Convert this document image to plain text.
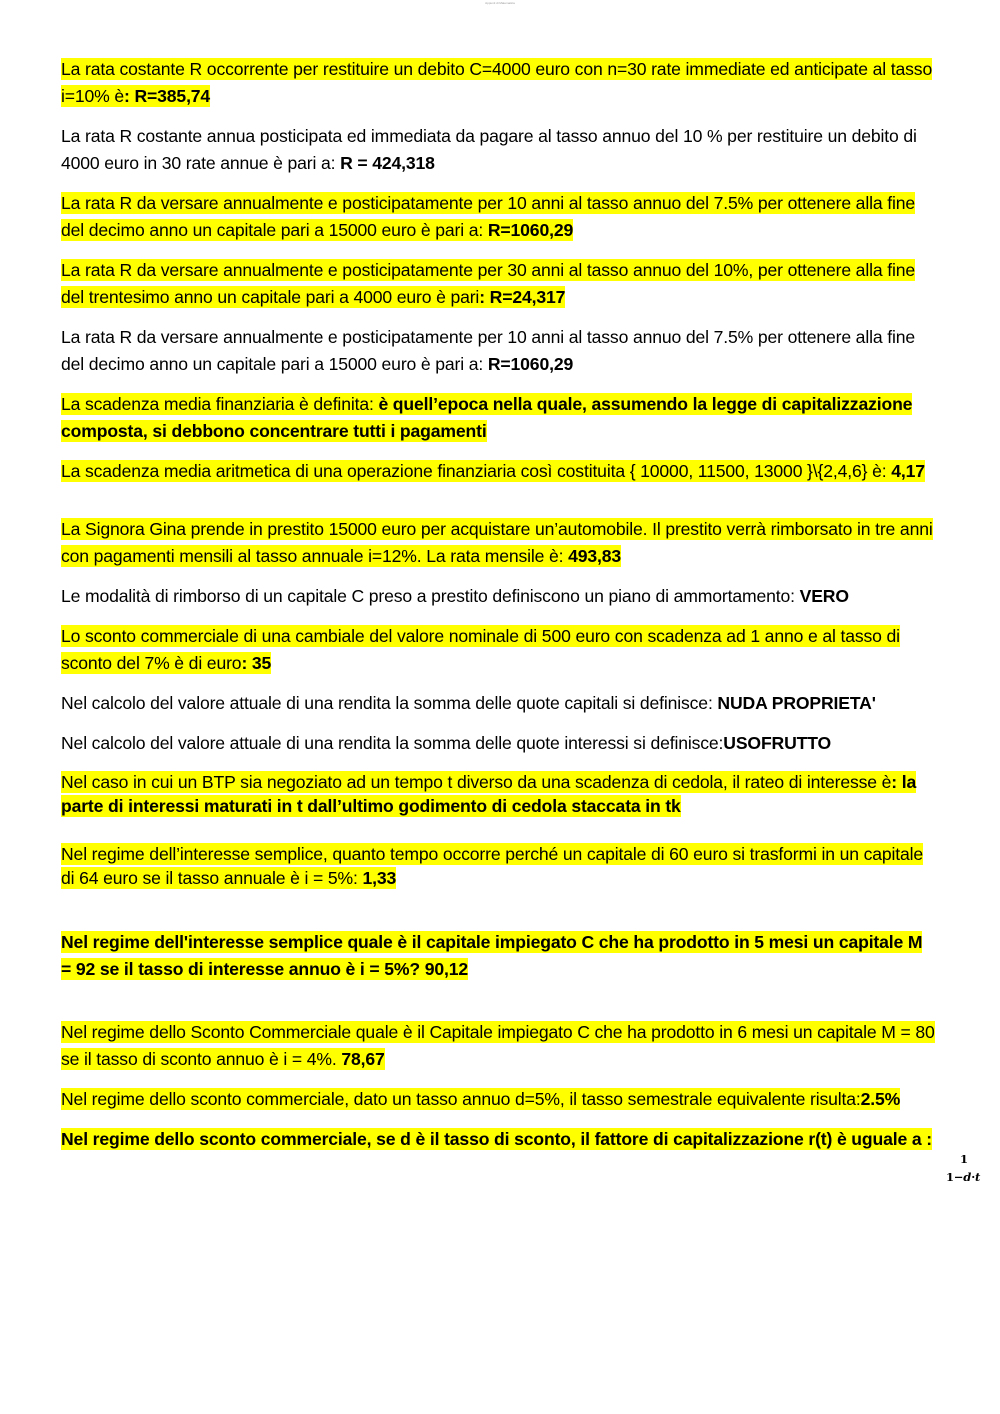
Appunti di Matematica

La rata costante R occorrente per restituire un debito C=4000 euro con n=30 rate immediate ed anticipate al tasso i=10% è: R=385,74

La rata R costante annua posticipata ed immediata da pagare al tasso annuo del 10 % per restituire un debito di 4000 euro in 30 rate annue è pari a: R = 424,318

La rata R da versare annualmente e posticipatamente per 10 anni al tasso annuo del 7.5% per ottenere alla fine del decimo anno un capitale pari a 15000 euro è pari a: R=1060,29

La rata R da versare annualmente e posticipatamente per 30 anni al tasso annuo del 10%, per ottenere alla fine del trentesimo anno un capitale pari a 4000 euro è pari: R=24,317

La rata R da versare annualmente e posticipatamente per 10 anni al tasso annuo del 7.5% per ottenere alla fine del decimo anno un capitale pari a 15000 euro è pari a: R=1060,29

La scadenza media finanziaria è definita: è quell’epoca nella quale, assumendo la legge di capitalizzazione composta, si debbono concentrare tutti i pagamenti

La scadenza media aritmetica di una operazione finanziaria così costituita { 10000, 11500, 13000 }\{2,4,6} è: 4,17

La Signora Gina prende in prestito 15000 euro per acquistare un’automobile. Il prestito verrà rimborsato in tre anni con pagamenti mensili al tasso annuale i=12%. La rata mensile è: 493,83

Le modalità di rimborso di un capitale C preso a prestito definiscono un piano di ammortamento: VERO

Lo sconto commerciale di una cambiale del valore nominale di 500 euro con scadenza ad 1 anno e al tasso di sconto del 7% è di euro: 35

Nel calcolo del valore attuale di una rendita la somma delle quote capitali si definisce: NUDA PROPRIETA'

Nel calcolo del valore attuale di una rendita la somma delle quote interessi si definisce:USOFRUTTO

Nel caso in cui un BTP sia negoziato ad un tempo t diverso da una scadenza di cedola, il rateo di interesse è: la parte di interessi maturati in t dall’ultimo godimento di cedola staccata in tk

Nel regime dell’interesse semplice, quanto tempo occorre perché un capitale di 60 euro si trasformi in un capitale di 64 euro se il tasso annuale è i = 5%: 1,33

Nel regime dell'interesse semplice quale è il capitale impiegato C che ha prodotto in 5 mesi un capitale M = 92 se il tasso di interesse annuo è i = 5%? 90,12

Nel regime dello Sconto Commerciale quale è il Capitale impiegato C che ha prodotto in 6 mesi un capitale M = 80 se il tasso di sconto annuo è i = 4%. 78,67

Nel regime dello sconto commerciale, dato un tasso annuo d=5%, il tasso semestrale equivalente risulta:2.5%

Nel regime dello sconto commerciale, se d è il tasso di sconto, il fattore di capitalizzazione r(t) è uguale a :
1
1−d·t
